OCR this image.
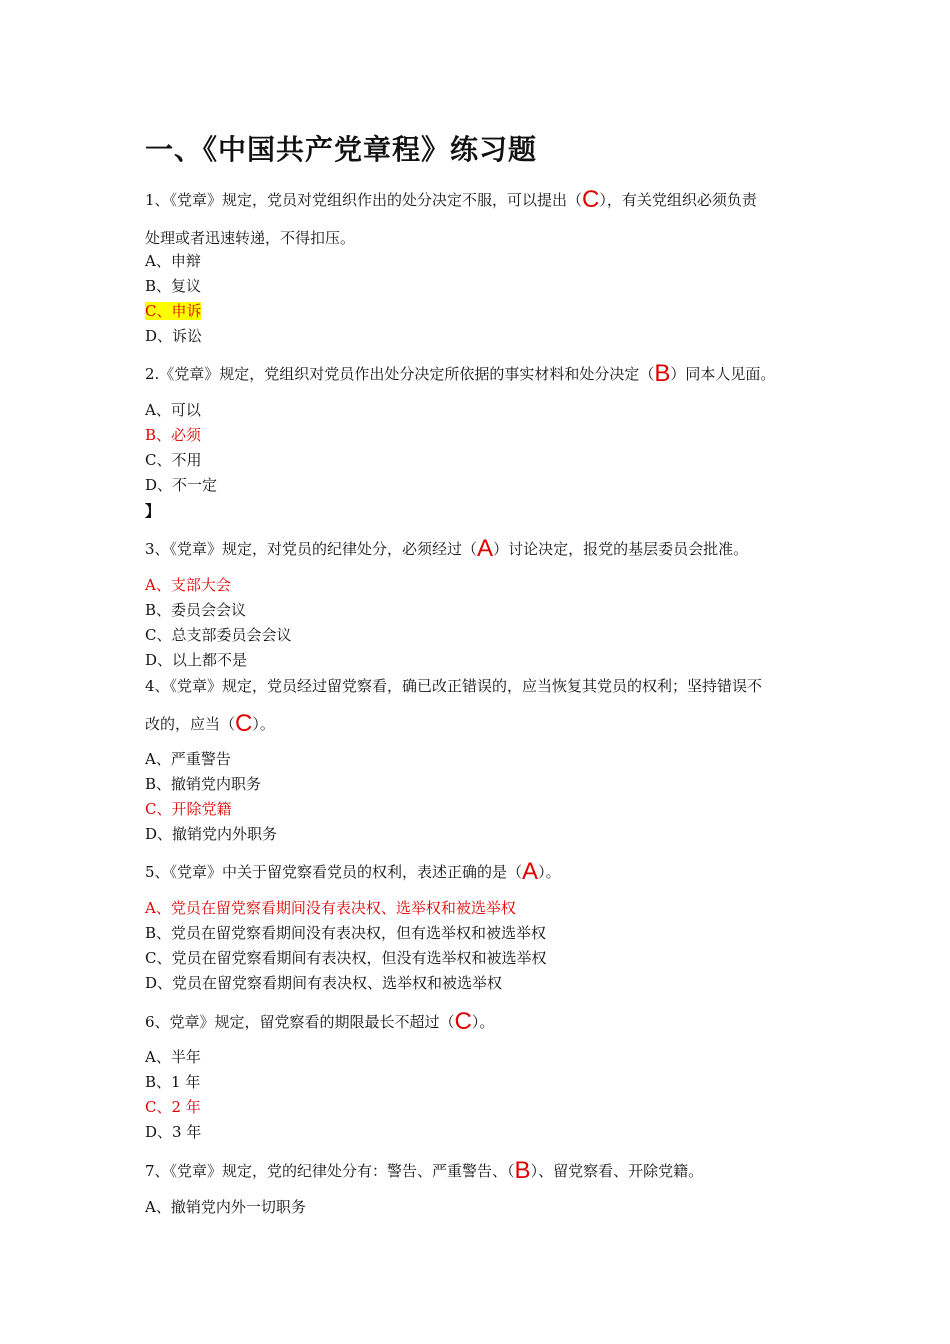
一、《中国共产党章程》练习题
1、《党章》规定，党员对党组织作出的处分决定不服，可以提出（C），有关党组织必须负责
处理或者迅速转递，不得扣压。
A、申辩
B、复议
C、申诉
D、诉讼
2.《党章》规定，党组织对党员作出处分决定所依据的事实材料和处分决定（B）同本人见面。
A、可以
B、必须
C、不用
D、不一定
】
3、《党章》规定，对党员的纪律处分，必须经过（A）讨论决定，报党的基层委员会批准。
A、支部大会
B、委员会会议
C、总支部委员会会议
D、以上都不是
4、《党章》规定，党员经过留党察看，确已改正错误的，应当恢复其党员的权利；坚持错误不
改的，应当（C）。
A、严重警告
B、撤销党内职务
C、开除党籍
D、撤销党内外职务
5、《党章》中关于留党察看党员的权利，表述正确的是（A）。
A、党员在留党察看期间没有表决权、选举权和被选举权
B、党员在留党察看期间没有表决权，但有选举权和被选举权
C、党员在留党察看期间有表决权，但没有选举权和被选举权
D、党员在留党察看期间有表决权、选举权和被选举权
6、党章》规定，留党察看的期限最长不超过（C）。
A、半年
B、1 年
C、2 年
D、3 年
7、《党章》规定，党的纪律处分有：警告、严重警告、（B）、留党察看、开除党籍。
A、撤销党内外一切职务
